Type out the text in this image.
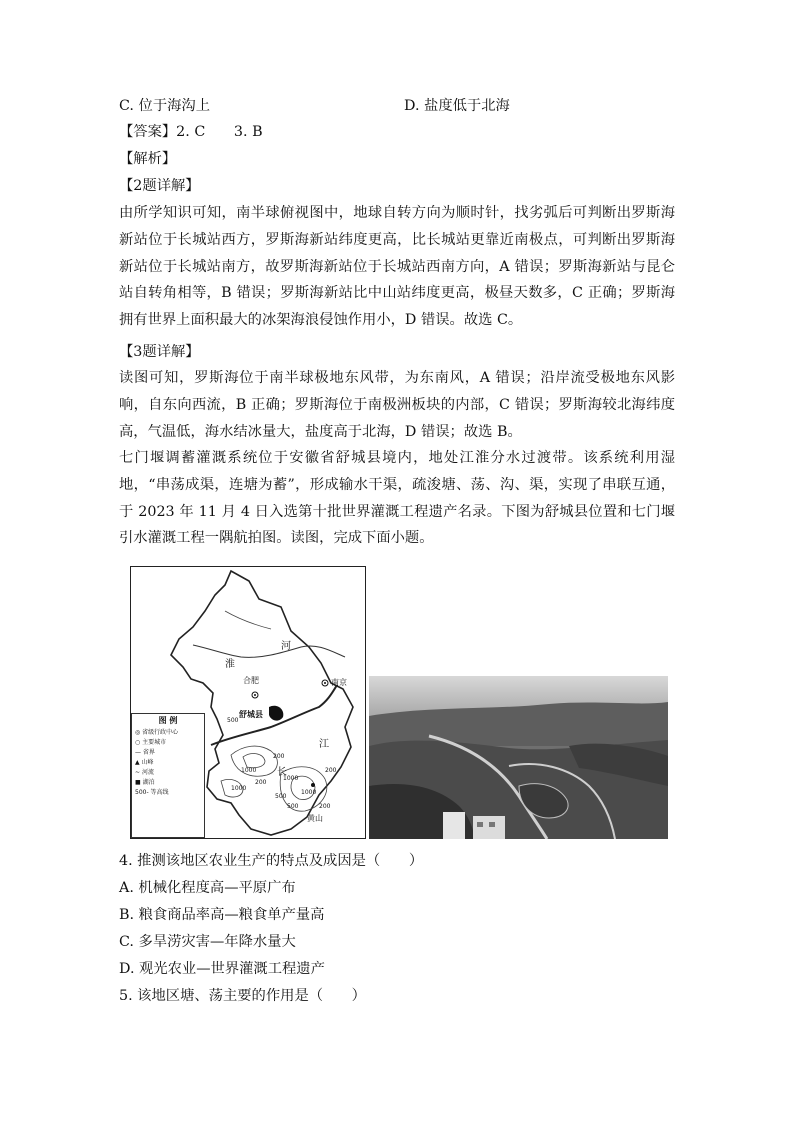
C. 位于海沟上	D. 盐度低于北海
【答案】2. C　　3. B
【解析】
【2题详解】
由所学知识可知，南半球俯视图中，地球自转方向为顺时针，找劣弧后可判断出罗斯海新站位于长城站西方，罗斯海新站纬度更高，比长城站更靠近南极点，可判断出罗斯海新站位于长城站南方，故罗斯海新站位于长城站西南方向，A 错误；罗斯海新站与昆仑站自转角相等，B 错误；罗斯海新站比中山站纬度更高，极昼天数多，C 正确；罗斯海拥有世界上面积最大的冰架海浪侵蚀作用小，D 错误。故选 C。
【3题详解】
读图可知，罗斯海位于南半球极地东风带，为东南风，A 错误；沿岸流受极地东风影响，自东向西流，B 正确；罗斯海位于南极洲板块的内部，C 错误；罗斯海较北海纬度高，气温低，海水结冰量大，盐度高于北海，D 错误；故选 B。
七门堰调蓄灌溉系统位于安徽省舒城县境内，地处江淮分水过渡带。该系统利用湿地，“串荡成渠，连塘为蓄”，形成输水干渠，疏浚塘、荡、沟、渠，实现了串联互通，于 2023 年 11 月 4 日入选第十批世界灌溉工程遗产名录。下图为舒城县位置和七门堰引水灌溉工程一隅航拍图。读图，完成下面小题。
淮
河
江
长
合肥
舒城县
南京
黄山
500
1000
200
200
1000
500
200
1000
500
200
1000
图 例
◎ 省级行政中心
○ 主要城市
— 省界
▲ 山峰
~ 河流
■ 湖泊
500- 等高线
4. 推测该地区农业生产的特点及成因是（　　）
A. 机械化程度高—平原广布
B. 粮食商品率高—粮食单产量高
C. 多旱涝灾害—年降水量大
D. 观光农业—世界灌溉工程遗产
5. 该地区塘、荡主要的作用是（　　）
